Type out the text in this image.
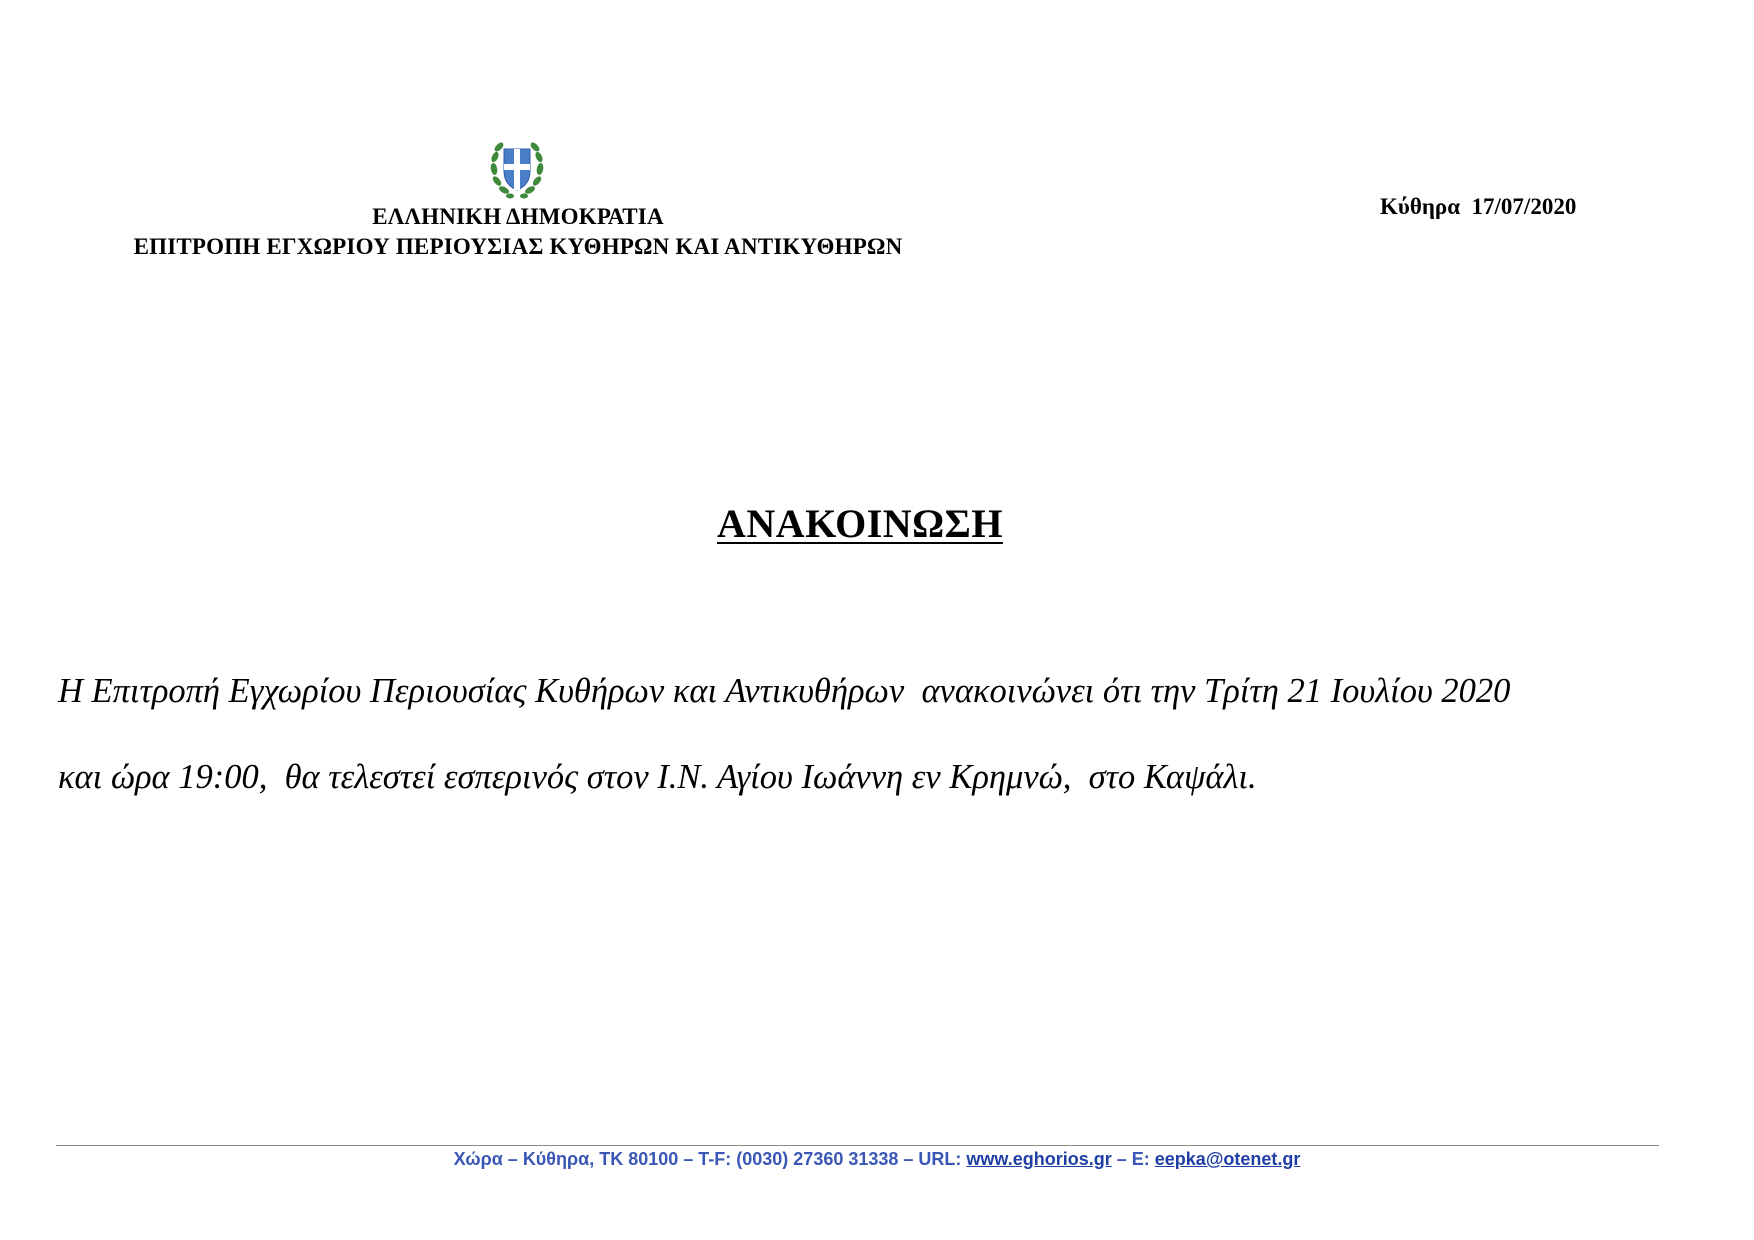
ΕΛΛΗΝΙΚΗ ΔΗΜΟΚΡΑΤΙΑ
ΕΠΙΤΡΟΠΗ ΕΓΧΩΡΙΟΥ ΠΕΡΙΟΥΣΙΑΣ ΚΥΘΗΡΩΝ ΚΑΙ ΑΝΤΙΚΥΘΗΡΩΝ
Κύθηρα  17/07/2020
ΑΝΑΚΟΙΝΩΣΗ
Η Επιτροπή Εγχωρίου Περιουσίας Κυθήρων και Αντικυθήρων  ανακοινώνει ότι την Τρίτη 21 Ιουλίου 2020
και ώρα 19:00,  θα τελεστεί εσπερινός στον Ι.Ν. Αγίου Ιωάννη εν Κρημνώ,  στο Καψάλι.
Χώρα – Κύθηρα, ΤΚ 80100 – Τ-F: (0030) 27360 31338 – URL: www.eghorios.gr – E: eepka@otenet.gr
